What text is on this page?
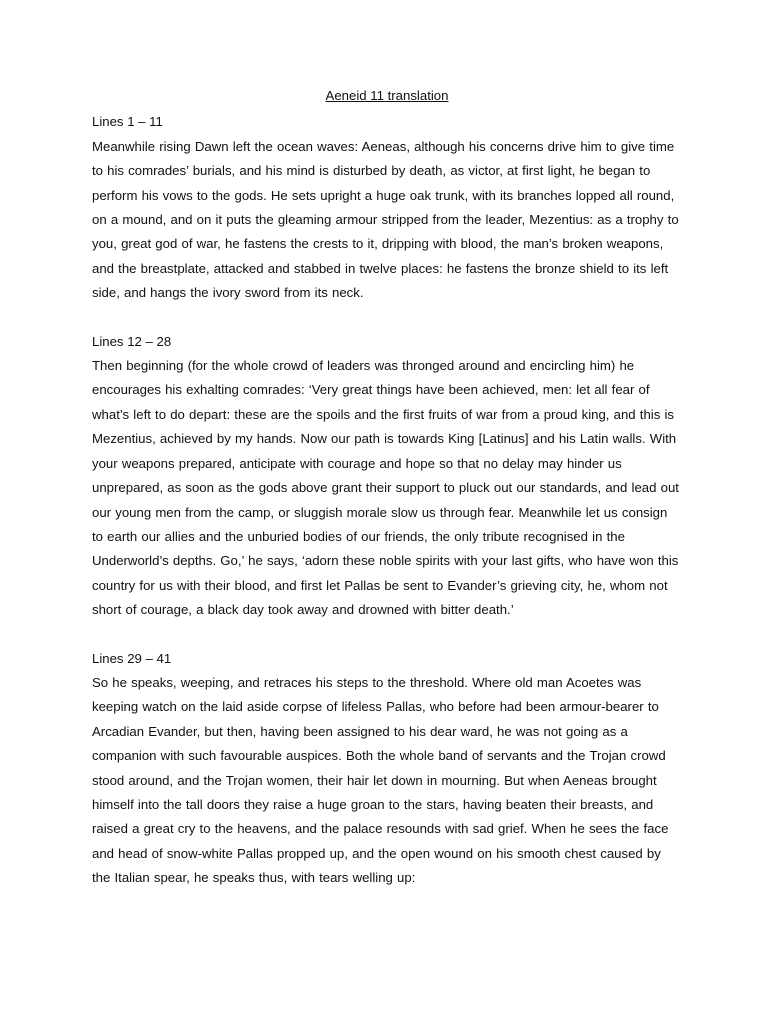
Aeneid 11 translation
Lines 1 – 11
Meanwhile rising Dawn left the ocean waves: Aeneas, although his concerns drive him to give time to his comrades’ burials, and his mind is disturbed by death, as victor, at first light, he began to perform his vows to the gods. He sets upright a huge oak trunk, with its branches lopped all round, on a mound, and on it puts the gleaming armour stripped from the leader, Mezentius: as a trophy to you, great god of war, he fastens the crests to it, dripping with blood, the man’s broken weapons, and the breastplate, attacked and stabbed in twelve places: he fastens the bronze shield to its left side, and hangs the ivory sword from its neck.
Lines 12 – 28
Then beginning (for the whole crowd of leaders was thronged around and encircling him) he encourages his exhalting comrades: ‘Very great things have been achieved, men: let all fear of what’s left to do depart: these are the spoils and the first fruits of war from a proud king, and this is Mezentius, achieved by my hands. Now our path is towards King [Latinus] and his Latin walls. With your weapons prepared, anticipate with courage and hope so that no delay may hinder us unprepared, as soon as the gods above grant their support to pluck out our standards, and lead out our young men from the camp, or sluggish morale slow us through fear. Meanwhile let us consign to earth our allies and the unburied bodies of our friends, the only tribute recognised in the Underworld’s depths. Go,’ he says, ‘adorn these noble spirits with your last gifts, who have won this country for us with their blood, and first let Pallas be sent to Evander’s grieving city, he, whom not short of courage, a black day took away and drowned with bitter death.’
Lines 29 – 41
So he speaks, weeping, and retraces his steps to the threshold. Where old man Acoetes was keeping watch on the laid aside corpse of lifeless Pallas, who before had been armour-bearer to Arcadian Evander, but then, having been assigned to his dear ward, he was not going as a companion with such favourable auspices. Both the whole band of servants and the Trojan crowd stood around, and the Trojan women, their hair let down in mourning. But when Aeneas brought himself into the tall doors they raise a huge groan to the stars, having beaten their breasts, and raised a great cry to the heavens, and the palace resounds with sad grief. When he sees the face and head of snow-white Pallas propped up, and the open wound on his smooth chest caused by the Italian spear, he speaks thus, with tears welling up:
